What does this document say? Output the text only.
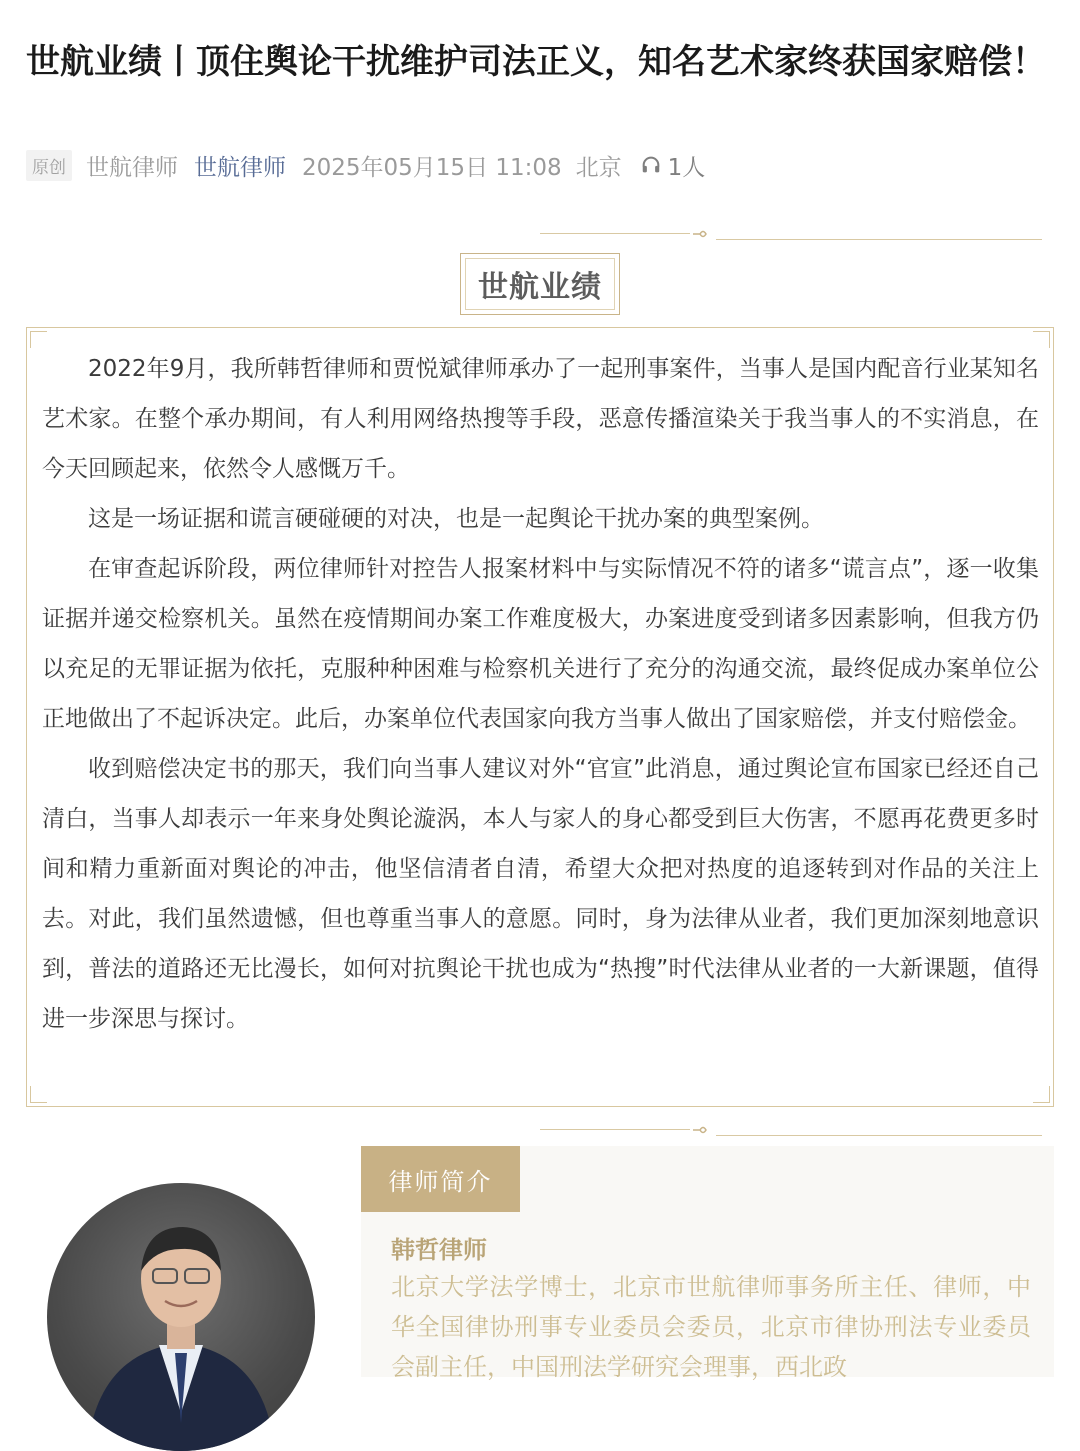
世航业绩丨顶住舆论干扰维护司法正义，知名艺术家终获国家赔偿！
原创 世航律师 世航律师 2025年05月15日 11:08 北京 1人
世航业绩

2022年9月，我所韩哲律师和贾悦斌律师承办了一起刑事案件，当事人是国内配音行业某知名艺术家。在整个承办期间，有人利用网络热搜等手段，恶意传播渲染关于我当事人的不实消息，在今天回顾起来，依然令人感慨万千。

这是一场证据和谎言硬碰硬的对决，也是一起舆论干扰办案的典型案例。

在审查起诉阶段，两位律师针对控告人报案材料中与实际情况不符的诸多“谎言点”，逐一收集证据并递交检察机关。虽然在疫情期间办案工作难度极大，办案进度受到诸多因素影响，但我方仍以充足的无罪证据为依托，克服种种困难与检察机关进行了充分的沟通交流，最终促成办案单位公正地做出了不起诉决定。此后，办案单位代表国家向我方当事人做出了国家赔偿，并支付赔偿金。

收到赔偿决定书的那天，我们向当事人建议对外“官宣”此消息，通过舆论宣布国家已经还自己清白，当事人却表示一年来身处舆论漩涡，本人与家人的身心都受到巨大伤害，不愿再花费更多时间和精力重新面对舆论的冲击，他坚信清者自清，希望大众把对热度的追逐转到对作品的关注上去。对此，我们虽然遗憾，但也尊重当事人的意愿。同时，身为法律从业者，我们更加深刻地意识到，普法的道路还无比漫长，如何对抗舆论干扰也成为“热搜”时代法律从业者的一大新课题，值得进一步深思与探讨。

律师简介
韩哲律师
北京大学法学博士，北京市世航律师事务所主任、律师，中华全国律协刑事专业委员会委员，北京市律协刑法专业委员会副主任，中国刑法学研究会理事，西北政
